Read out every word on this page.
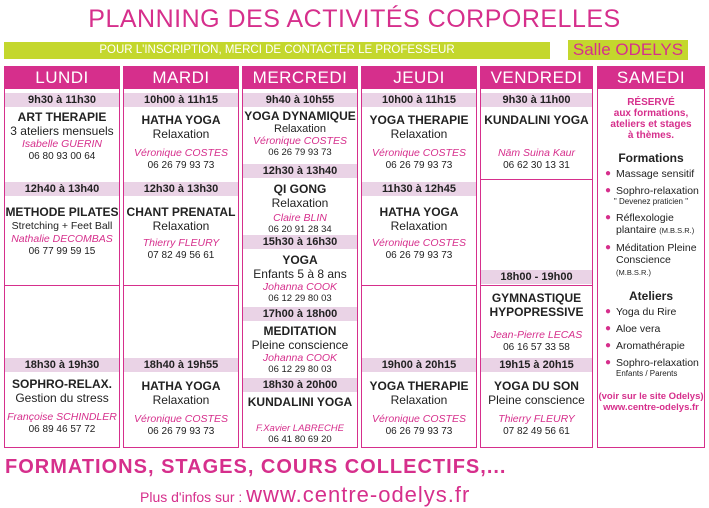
PLANNING DES ACTIVITÉS CORPORELLES
POUR L'INSCRIPTION, MERCI DE CONTACTER LE PROFESSEUR	Salle ODELYS
LUNDI
9h30 à 11h30
ART THERAPIE
3 ateliers mensuels
Isabelle GUERIN
06 80 93 00 64
12h40 à 13h40
METHODE PILATES
Stretching + Feet Ball
Nathalie DECOMBAS
06 77 99 59 15
18h30 à 19h30
SOPHRO-RELAX.
Gestion du stress
Françoise SCHINDLER
06 89 46 57 72
MARDI
10h00 à 11h15
HATHA YOGA
Relaxation
Véronique COSTES
06 26 79 93 73
12h30 à 13h30
CHANT PRENATAL
Relaxation
Thierry FLEURY
07 82 49 56 61
18h40 à 19h55
HATHA YOGA
Relaxation
Véronique COSTES
06 26 79 93 73
MERCREDI
9h40 à 10h55
YOGA DYNAMIQUE
Relaxation
Véronique COSTES
06 26 79 93 73
12h30 à 13h40
QI GONG
Relaxation
Claire BLIN
06 20 91 28 34
15h30 à 16h30
YOGA
Enfants 5 à 8 ans
Johanna COOK
06 12 29 80 03
17h00 à 18h00
MEDITATION
Pleine conscience
Johanna COOK
06 12 29 80 03
18h30 à 20h00
KUNDALINI YOGA
F.Xavier LABRECHE
06 41 80 69 20
JEUDI
10h00 à 11h15
YOGA THERAPIE
Relaxation
Véronique COSTES
06 26 79 93 73
11h30 à 12h45
HATHA YOGA
Relaxation
Véronique COSTES
06 26 79 93 73
19h00 à 20h15
YOGA THERAPIE
Relaxation
Véronique COSTES
06 26 79 93 73
VENDREDI
9h30 à 11h00
KUNDALINI YOGA
Nām Suina Kaur
06 62 30 13 31
18h00 - 19h00
GYMNASTIQUE
HYPOPRESSIVE
Jean-Pierre LECAS
06 16 57 33 58
19h15 à 20h15
YOGA DU SON
Pleine conscience
Thierry FLEURY
07 82 49 56 61
SAMEDI
RÉSERVÉ
aux formations,
ateliers et stages
à thèmes.
Formations
● Massage sensitif
● Sophro-relaxation
" Devenez praticien "
● Réflexologie
plantaire (M.B.S.R.)
● Méditation Pleine
Conscience (M.B.S.R.)
Ateliers
● Yoga du Rire
● Aloe vera
● Aromathérapie
● Sophro-relaxation
Enfants / Parents
(voir sur le site Odelys)
www.centre-odelys.fr
FORMATIONS, STAGES, COURS COLLECTIFS,...
Plus d'infos sur : www.centre-odelys.fr
